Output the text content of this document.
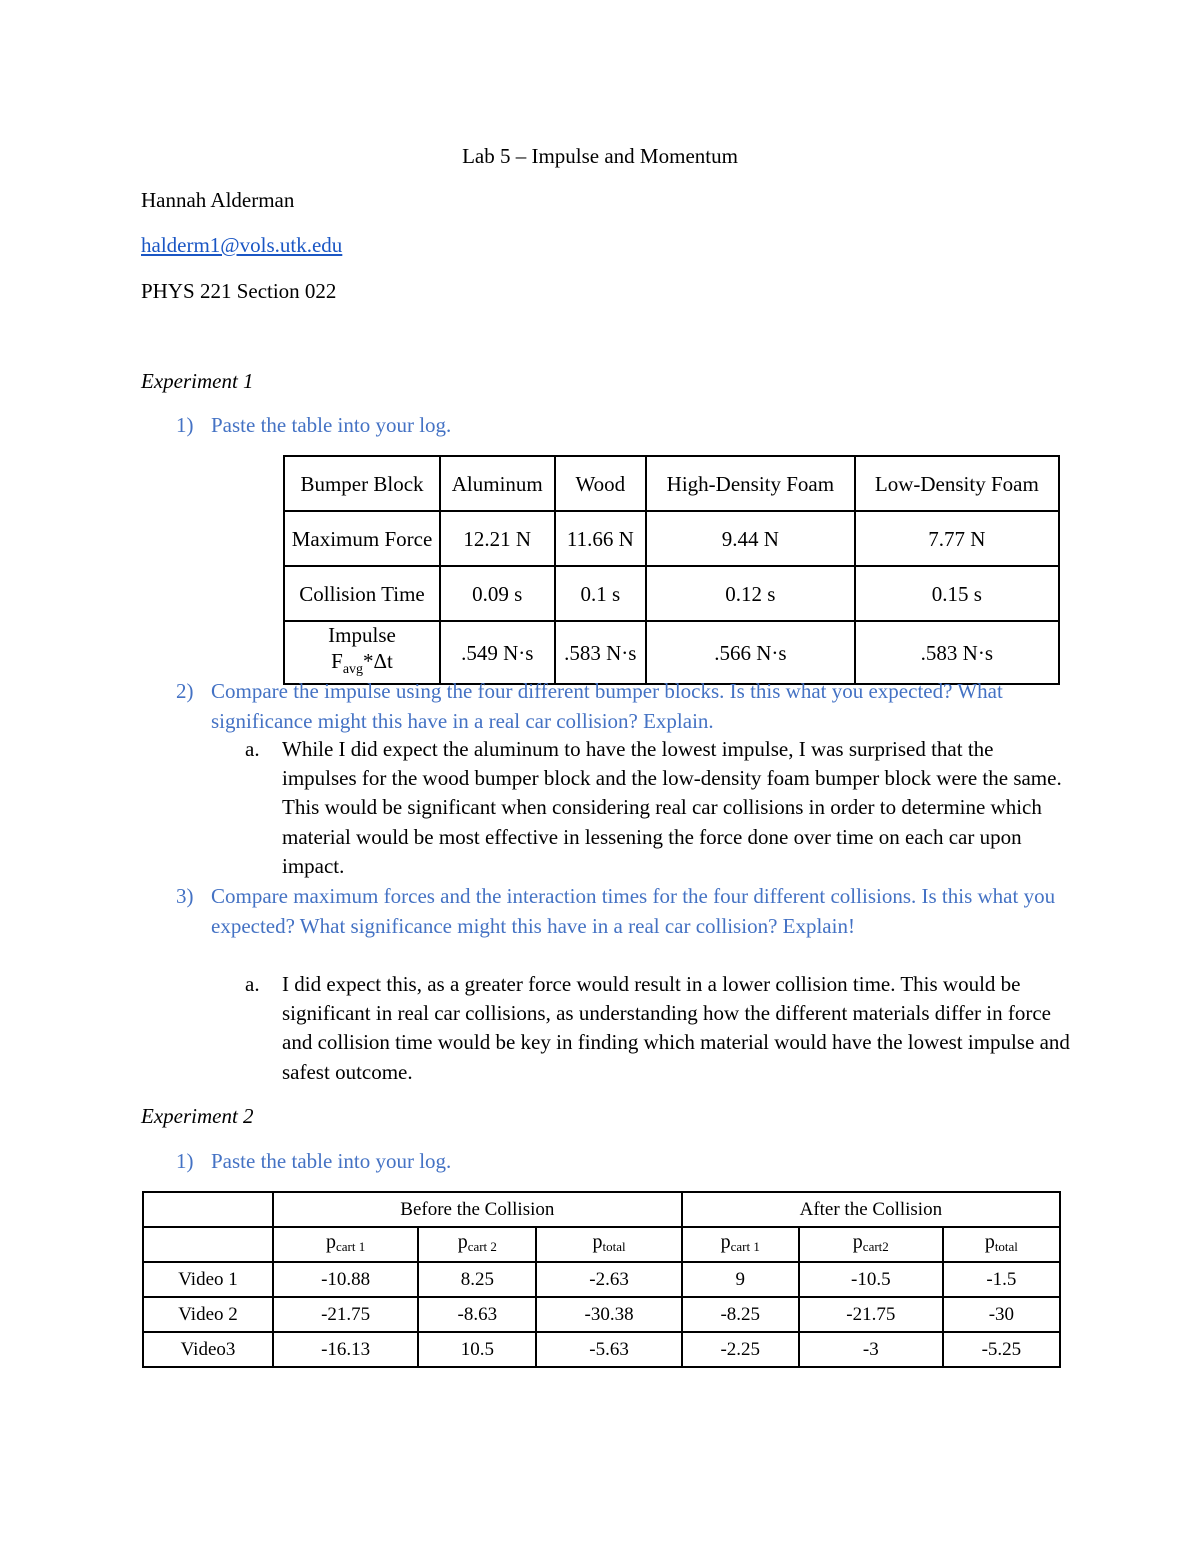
Lab 5 – Impulse and Momentum
Hannah Alderman
halderm1@vols.utk.edu
PHYS 221 Section 022
Experiment 1
1) Paste the table into your log.
Bumper Block	Aluminum	Wood	High-Density Foam	Low-Density Foam
Maximum Force	12.21 N	11.66 N	9.44 N	7.77 N
Collision Time	0.09 s	0.1 s	0.12 s	0.15 s
Impulse
$F_{avg}*\Delta t$	.549 N·s	.583 N·s	.566 N·s	.583 N·s
2) Compare the impulse using the four different bumper blocks. Is this what you expected? What significance might this have in a real car collision? Explain.
a. While I did expect the aluminum to have the lowest impulse, I was surprised that the impulses for the wood bumper block and the low-density foam bumper block were the same. This would be significant when considering real car collisions in order to determine which material would be most effective in lessening the force done over time on each car upon impact.
3) Compare maximum forces and the interaction times for the four different collisions. Is this what you expected? What significance might this have in a real car collision? Explain!
a. I did expect this, as a greater force would result in a lower collision time. This would be significant in real car collisions, as understanding how the different materials differ in force and collision time would be key in finding which material would have the lowest impulse and safest outcome.
Experiment 2
1) Paste the table into your log.
	Before the Collision			After the Collision		
	pcart 1	pcart 2	ptotal	pcart 1	pcart2	ptotal
Video 1	-10.88	8.25	-2.63	9	-10.5	-1.5
Video 2	-21.75	-8.63	-30.38	-8.25	-21.75	-30
Video3	-16.13	10.5	-5.63	-2.25	-3	-5.25
